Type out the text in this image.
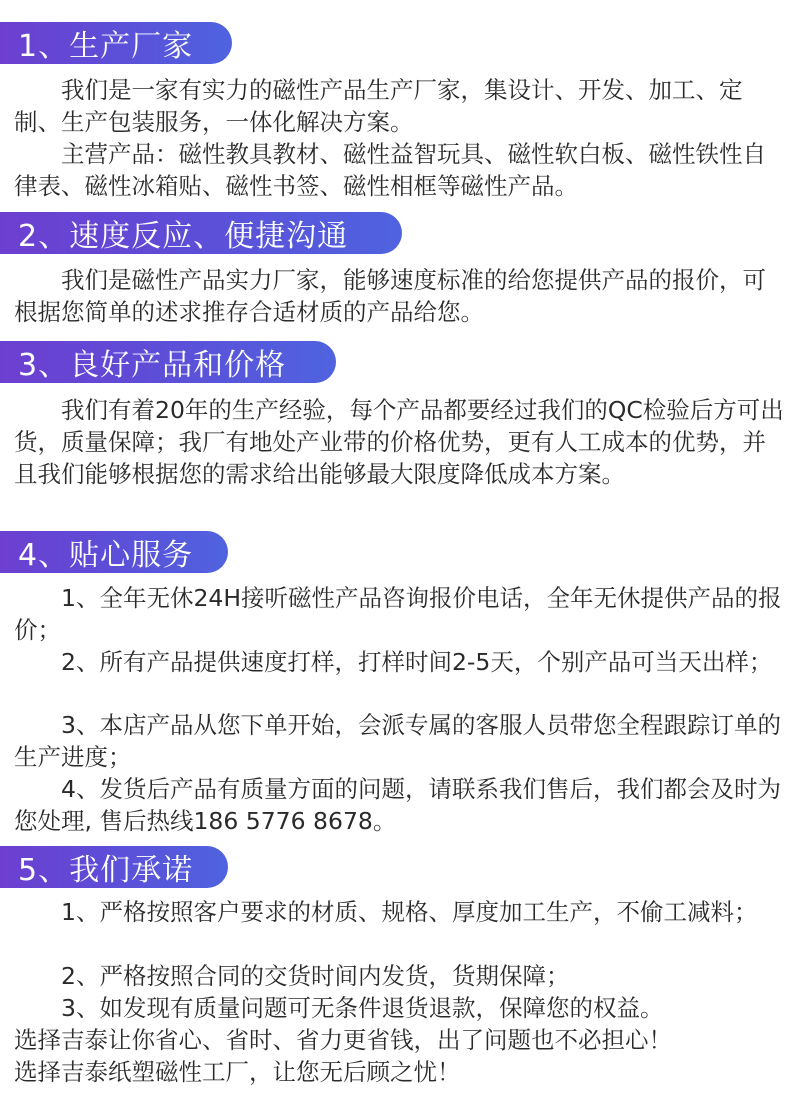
1、生产厂家

　　我们是一家有实力的磁性产品生产厂家，集设计、开发、加工、定制、生产包装服务，一体化解决方案。

　　主营产品：磁性教具教材、磁性益智玩具、磁性软白板、磁性铁性自律表、磁性冰箱贴、磁性书签、磁性相框等磁性产品。

2、速度反应、便捷沟通

　　我们是磁性产品实力厂家，能够速度标准的给您提供产品的报价，可根据您简单的述求推存合适材质的产品给您。

3、良好产品和价格

　　我们有着20年的生产经验，每个产品都要经过我们的QC检验后方可出货，质量保障；我厂有地处产业带的价格优势，更有人工成本的优势，并且我们能够根据您的需求给出能够最大限度降低成本方案。

4、贴心服务

　　1、全年无休24H接听磁性产品咨询报价电话，全年无休提供产品的报价；

　　2、所有产品提供速度打样，打样时间2-5天，个别产品可当天出样；

　　3、本店产品从您下单开始，会派专属的客服人员带您全程跟踪订单的生产进度；

　　4、发货后产品有质量方面的问题，请联系我们售后，我们都会及时为您处理, 售后热线186 5776 8678。

5、我们承诺

　　1、严格按照客户要求的材质、规格、厚度加工生产，不偷工减料；

　　2、严格按照合同的交货时间内发货，货期保障；

　　3、如发现有质量问题可无条件退货退款，保障您的权益。

选择吉泰让你省心、省时、省力更省钱，出了问题也不必担心！

选择吉泰纸塑磁性工厂，让您无后顾之忧！
